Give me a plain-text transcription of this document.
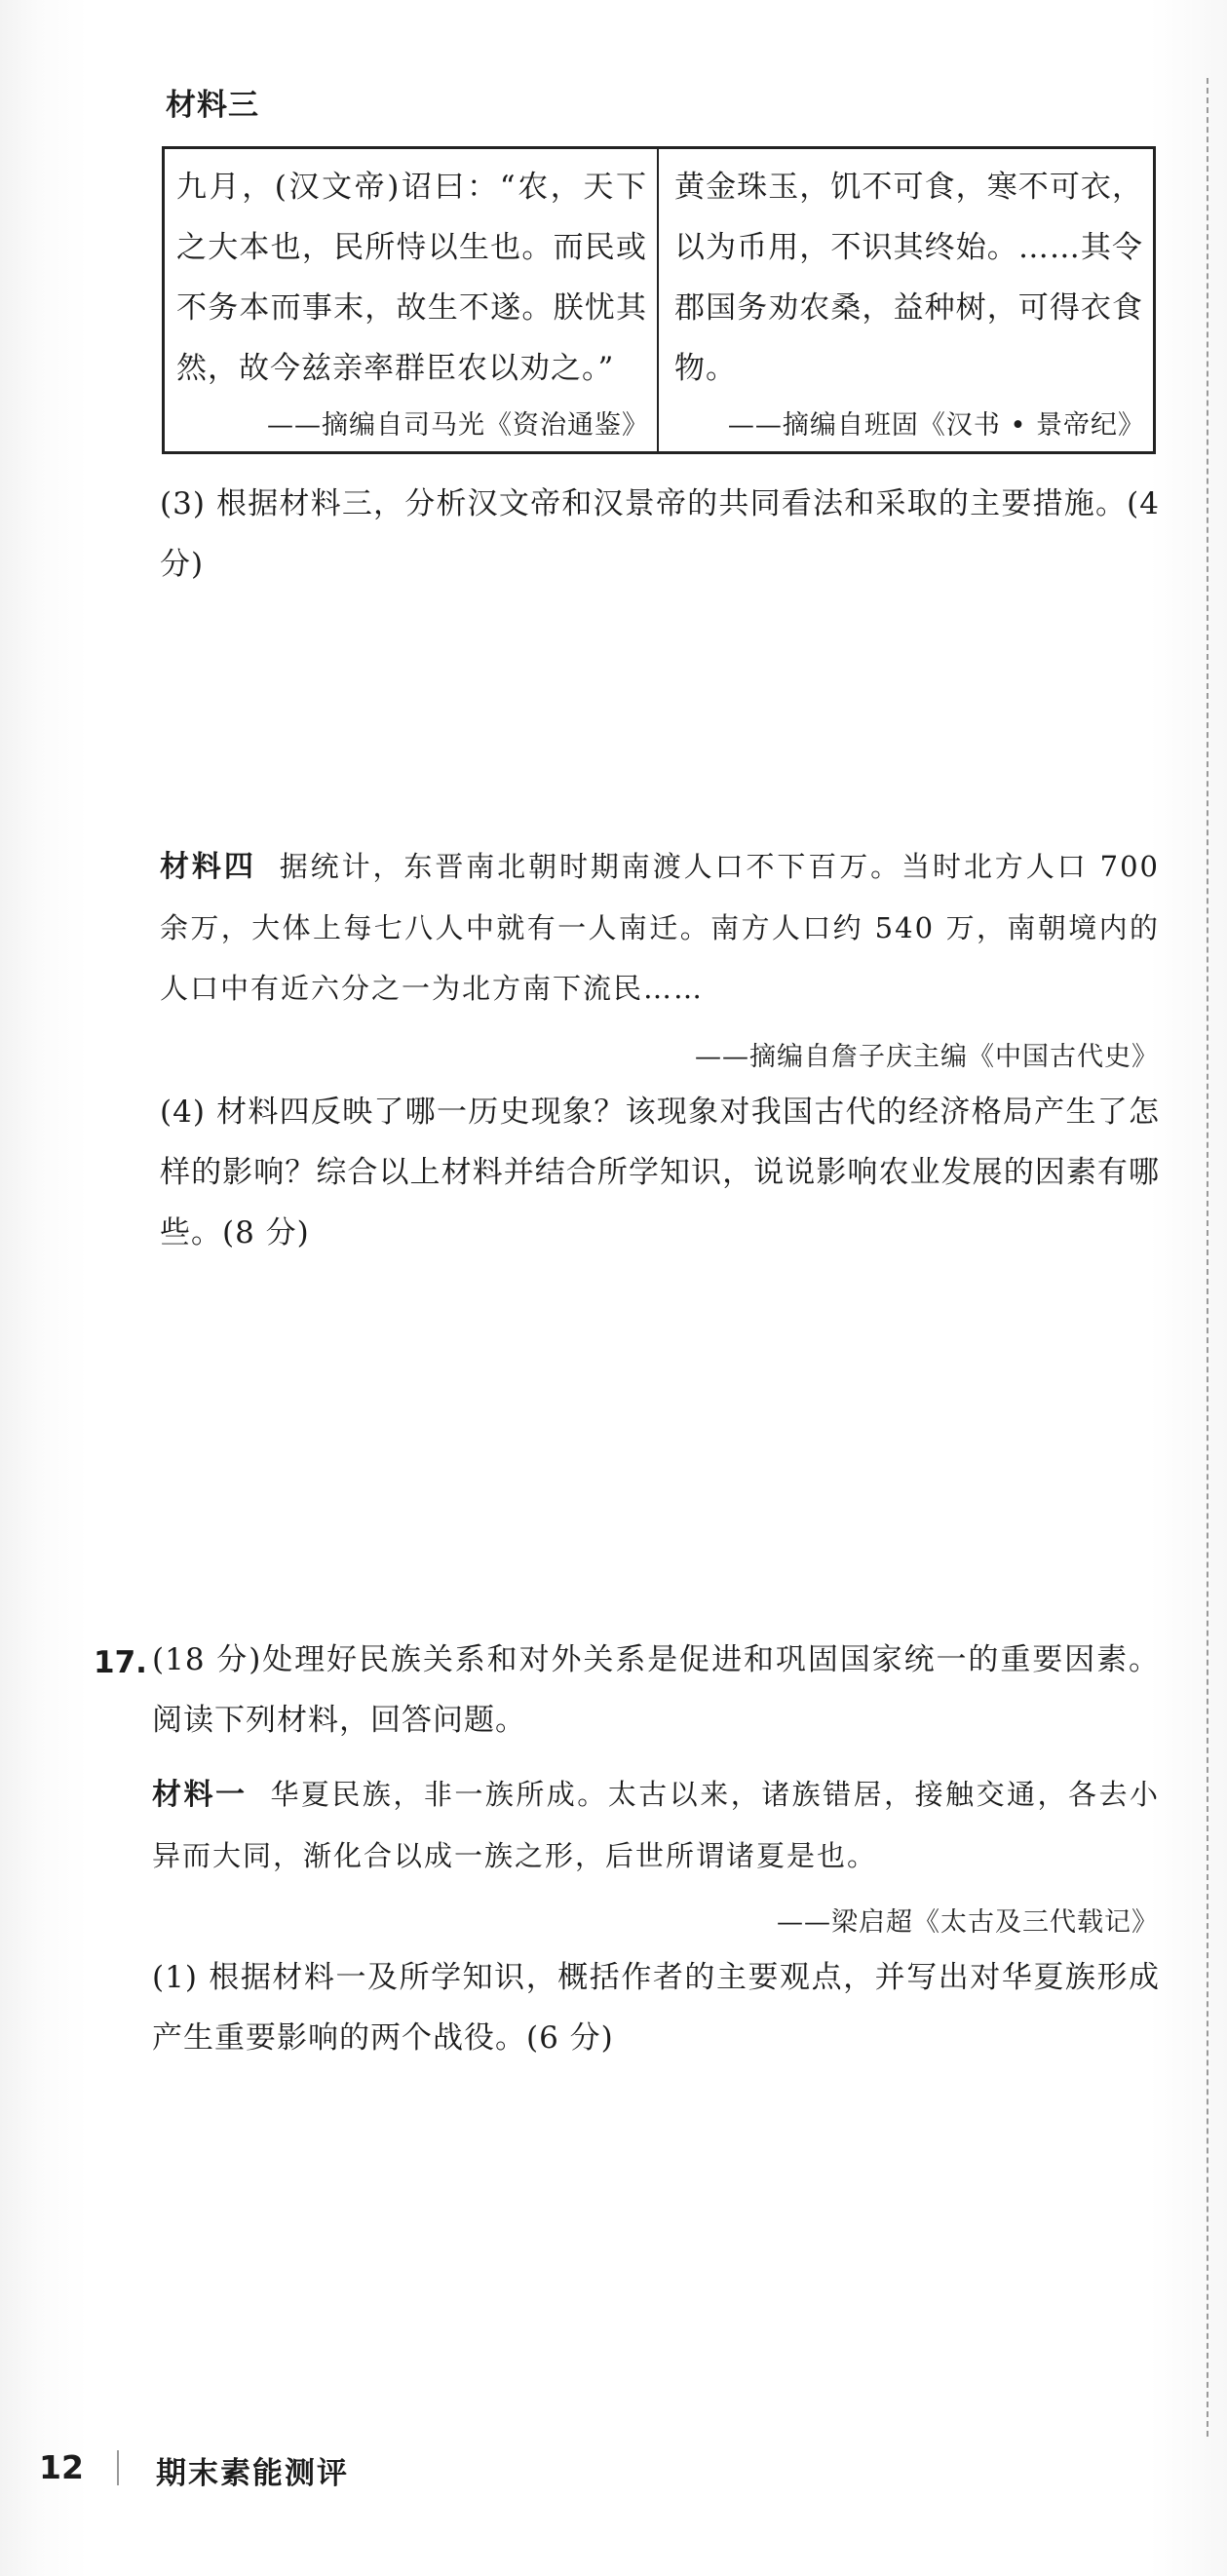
材料三
九月，(汉文帝)诏曰：“农，天下之大本也，民所恃以生也。而民或不务本而事末，故生不遂。朕忧其然，故今兹亲率群臣农以劝之。”
——摘编自司马光《资治通鉴》
黄金珠玉，饥不可食，寒不可衣，以为币用，不识其终始。……其令郡国务劝农桑，益种树，可得衣食物。
——摘编自班固《汉书 • 景帝纪》
(3) 根据材料三，分析汉文帝和汉景帝的共同看法和采取的主要措施。(4 分)
材料四 据统计，东晋南北朝时期南渡人口不下百万。当时北方人口 700 余万，大体上每七八人中就有一人南迁。南方人口约 540 万，南朝境内的人口中有近六分之一为北方南下流民……
——摘编自詹子庆主编《中国古代史》
(4) 材料四反映了哪一历史现象？该现象对我国古代的经济格局产生了怎样的影响？综合以上材料并结合所学知识，说说影响农业发展的因素有哪些。(8 分)
17. (18 分)处理好民族关系和对外关系是促进和巩固国家统一的重要因素。阅读下列材料，回答问题。
材料一 华夏民族，非一族所成。太古以来，诸族错居，接触交通，各去小异而大同，渐化合以成一族之形，后世所谓诸夏是也。
——梁启超《太古及三代载记》
(1) 根据材料一及所学知识，概括作者的主要观点，并写出对华夏族形成产生重要影响的两个战役。(6 分)
12 期末素能测评
